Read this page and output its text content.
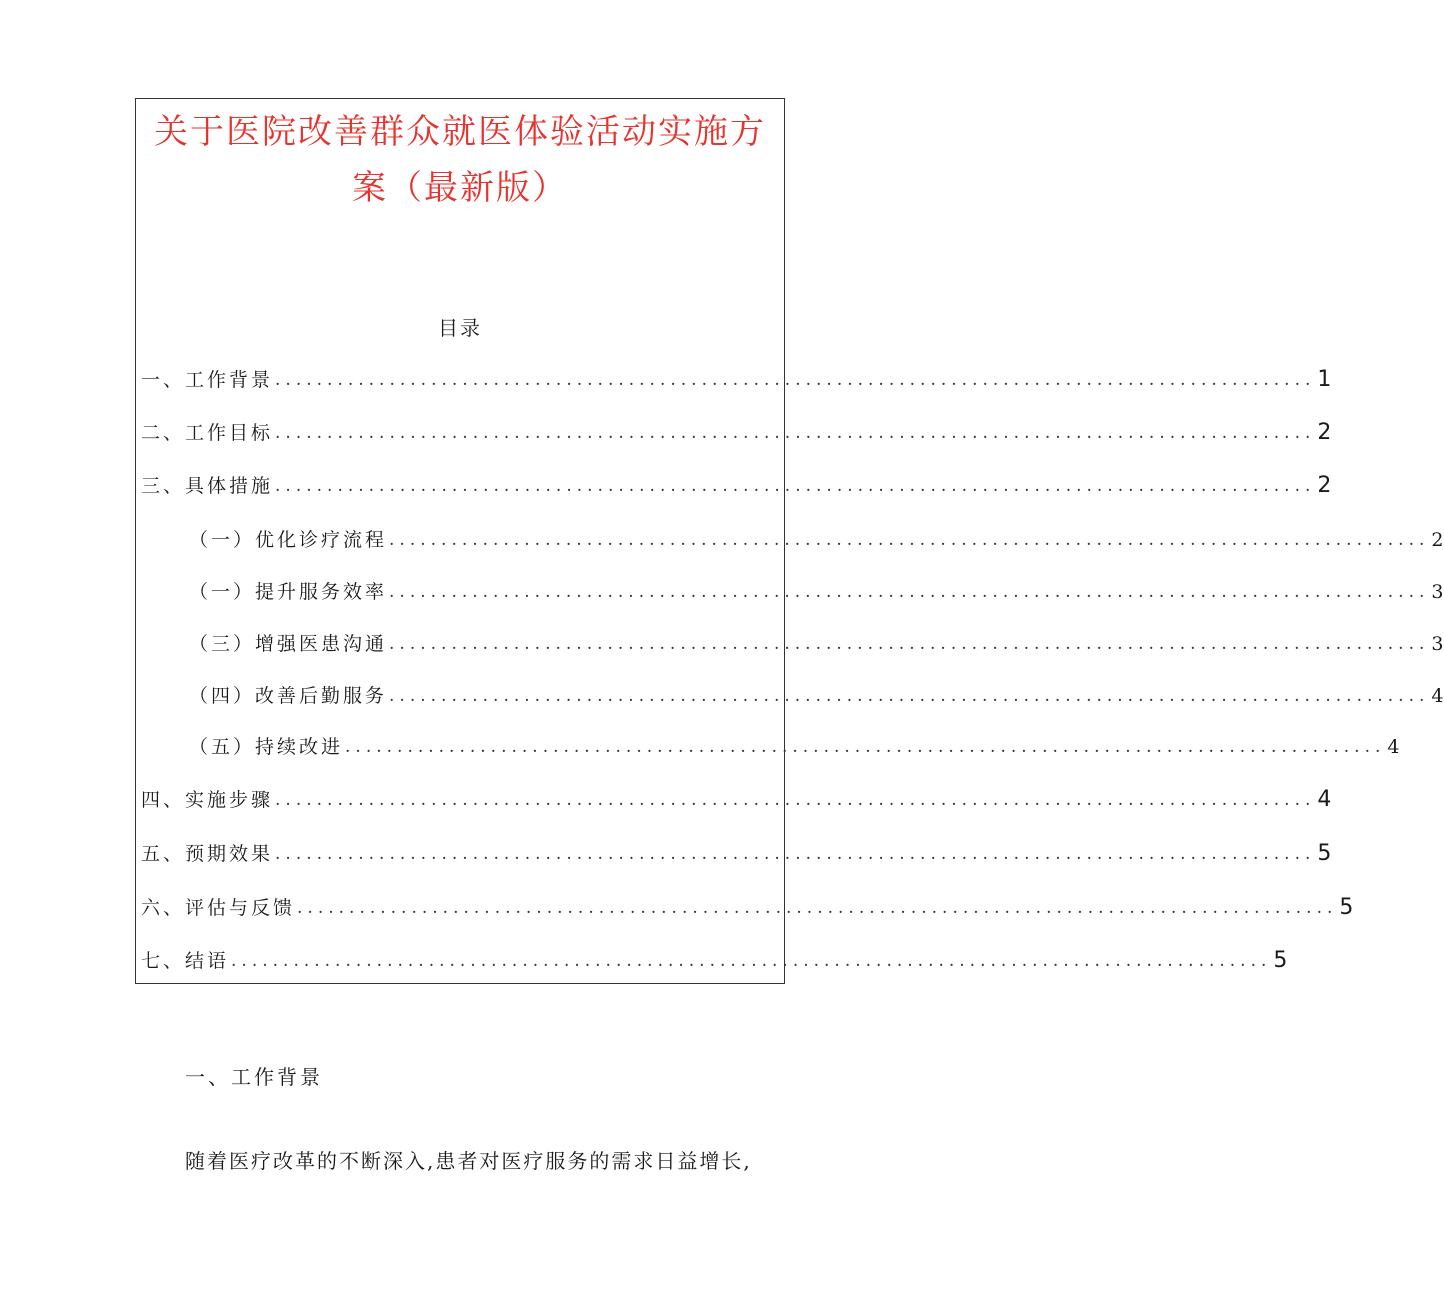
关于医院改善群众就医体验活动实施方
案（最新版）
目录
一、工作背景 .................................................................................................... 1
二、工作目标 .................................................................................................... 2
三、具体措施 .................................................................................................... 2
（一）优化诊疗流程 .................................................................................................... 2
（一）提升服务效率 .................................................................................................... 3
（三）增强医患沟通 .................................................................................................... 3
（四）改善后勤服务 .................................................................................................... 4
（五）持续改进 .................................................................................................... 4
四、实施步骤 .................................................................................................... 4
五、预期效果 .................................................................................................... 5
六、评估与反馈 .................................................................................................... 5
七、结语 .................................................................................................... 5
一、工作背景

随着医疗改革的不断深入,患者对医疗服务的需求日益增长,
